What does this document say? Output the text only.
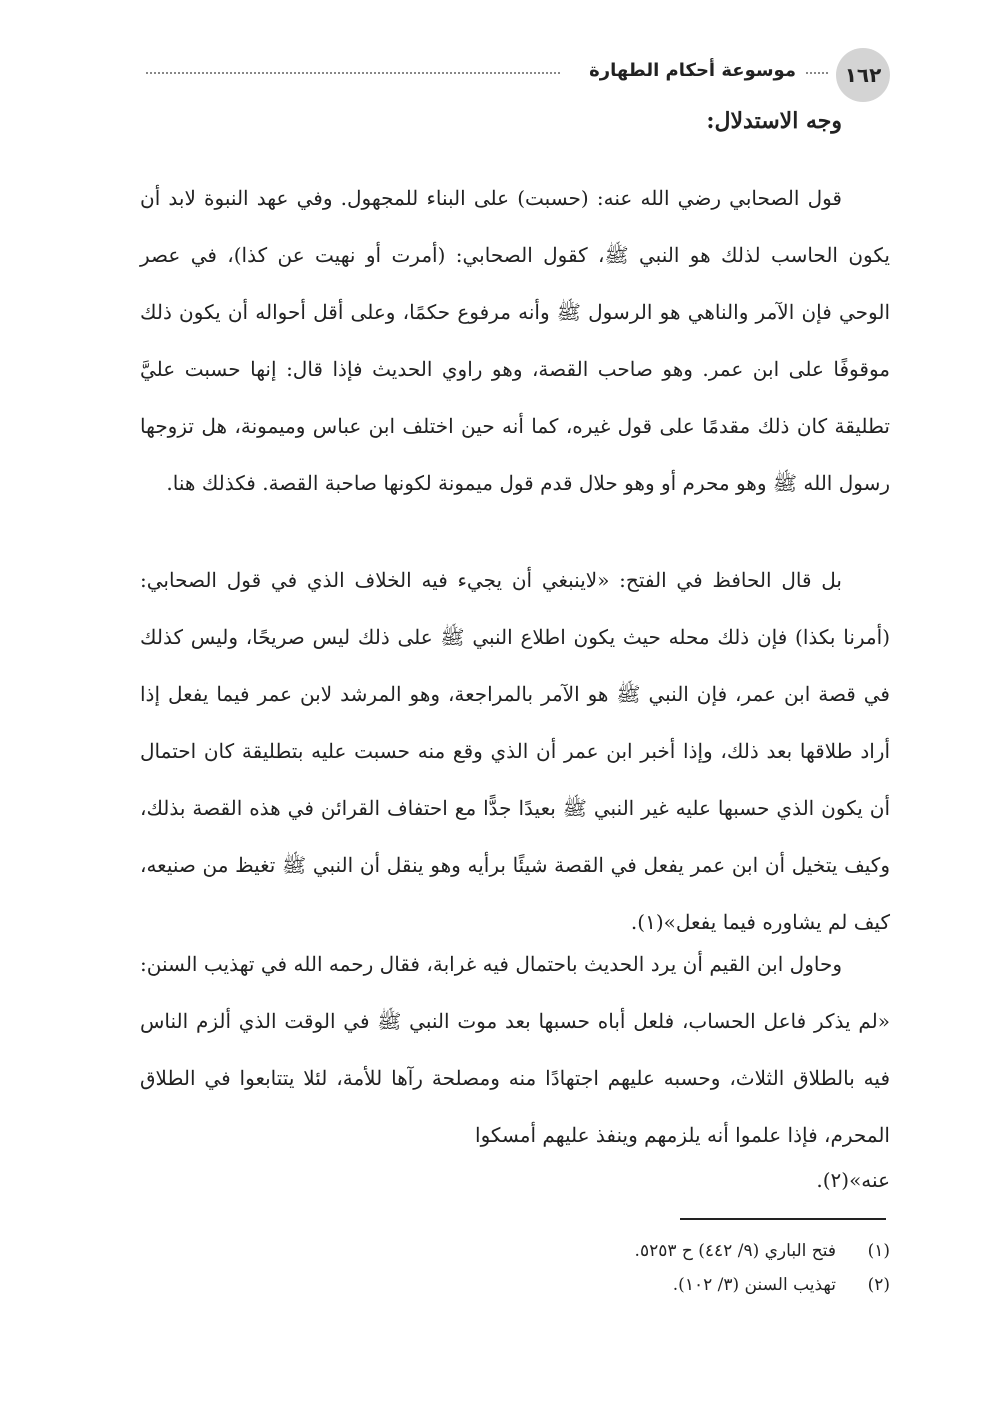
١٦٢
موسوعة أحكام الطهارة
وجه الاستدلال:

قول الصحابي رضي الله عنه: (حسبت) على البناء للمجهول. وفي عهد النبوة لابد أن يكون الحاسب لذلك هو النبي ﷺ، كقول الصحابي: (أمرت أو نهيت عن كذا)، في عصر الوحي فإن الآمر والناهي هو الرسول ﷺ وأنه مرفوع حكمًا، وعلى أقل أحواله أن يكون ذلك موقوفًا على ابن عمر. وهو صاحب القصة، وهو راوي الحديث فإذا قال: إنها حسبت عليَّ تطليقة كان ذلك مقدمًا على قول غيره، كما أنه حين اختلف ابن عباس وميمونة، هل تزوجها رسول الله ﷺ وهو محرم أو وهو حلال قدم قول ميمونة لكونها صاحبة القصة. فكذلك هنا.

بل قال الحافظ في الفتح: «لاينبغي أن يجيء فيه الخلاف الذي في قول الصحابي: (أمرنا بكذا) فإن ذلك محله حيث يكون اطلاع النبي ﷺ على ذلك ليس صريحًا، وليس كذلك في قصة ابن عمر، فإن النبي ﷺ هو الآمر بالمراجعة، وهو المرشد لابن عمر فيما يفعل إذا أراد طلاقها بعد ذلك، وإذا أخبر ابن عمر أن الذي وقع منه حسبت عليه بتطليقة كان احتمال أن يكون الذي حسبها عليه غير النبي ﷺ بعيدًا جدًّا مع احتفاف القرائن في هذه القصة بذلك، وكيف يتخيل أن ابن عمر يفعل في القصة شيئًا برأيه وهو ينقل أن النبي ﷺ تغيظ من صنيعه، كيف لم يشاوره فيما يفعل»(١).

وحاول ابن القيم أن يرد الحديث باحتمال فيه غرابة، فقال رحمه الله في تهذيب السنن: «لم يذكر فاعل الحساب، فلعل أباه حسبها بعد موت النبي ﷺ في الوقت الذي ألزم الناس فيه بالطلاق الثلاث، وحسبه عليهم اجتهادًا منه ومصلحة رآها للأمة، لئلا يتتابعوا في الطلاق المحرم، فإذا علموا أنه يلزمهم وينفذ عليهم أمسكوا

عنه»(٢).

(١)
فتح الباري (٩/ ٤٤٢) ح ٥٢٥٣.
(٢)
تهذيب السنن (٣/ ١٠٢).
